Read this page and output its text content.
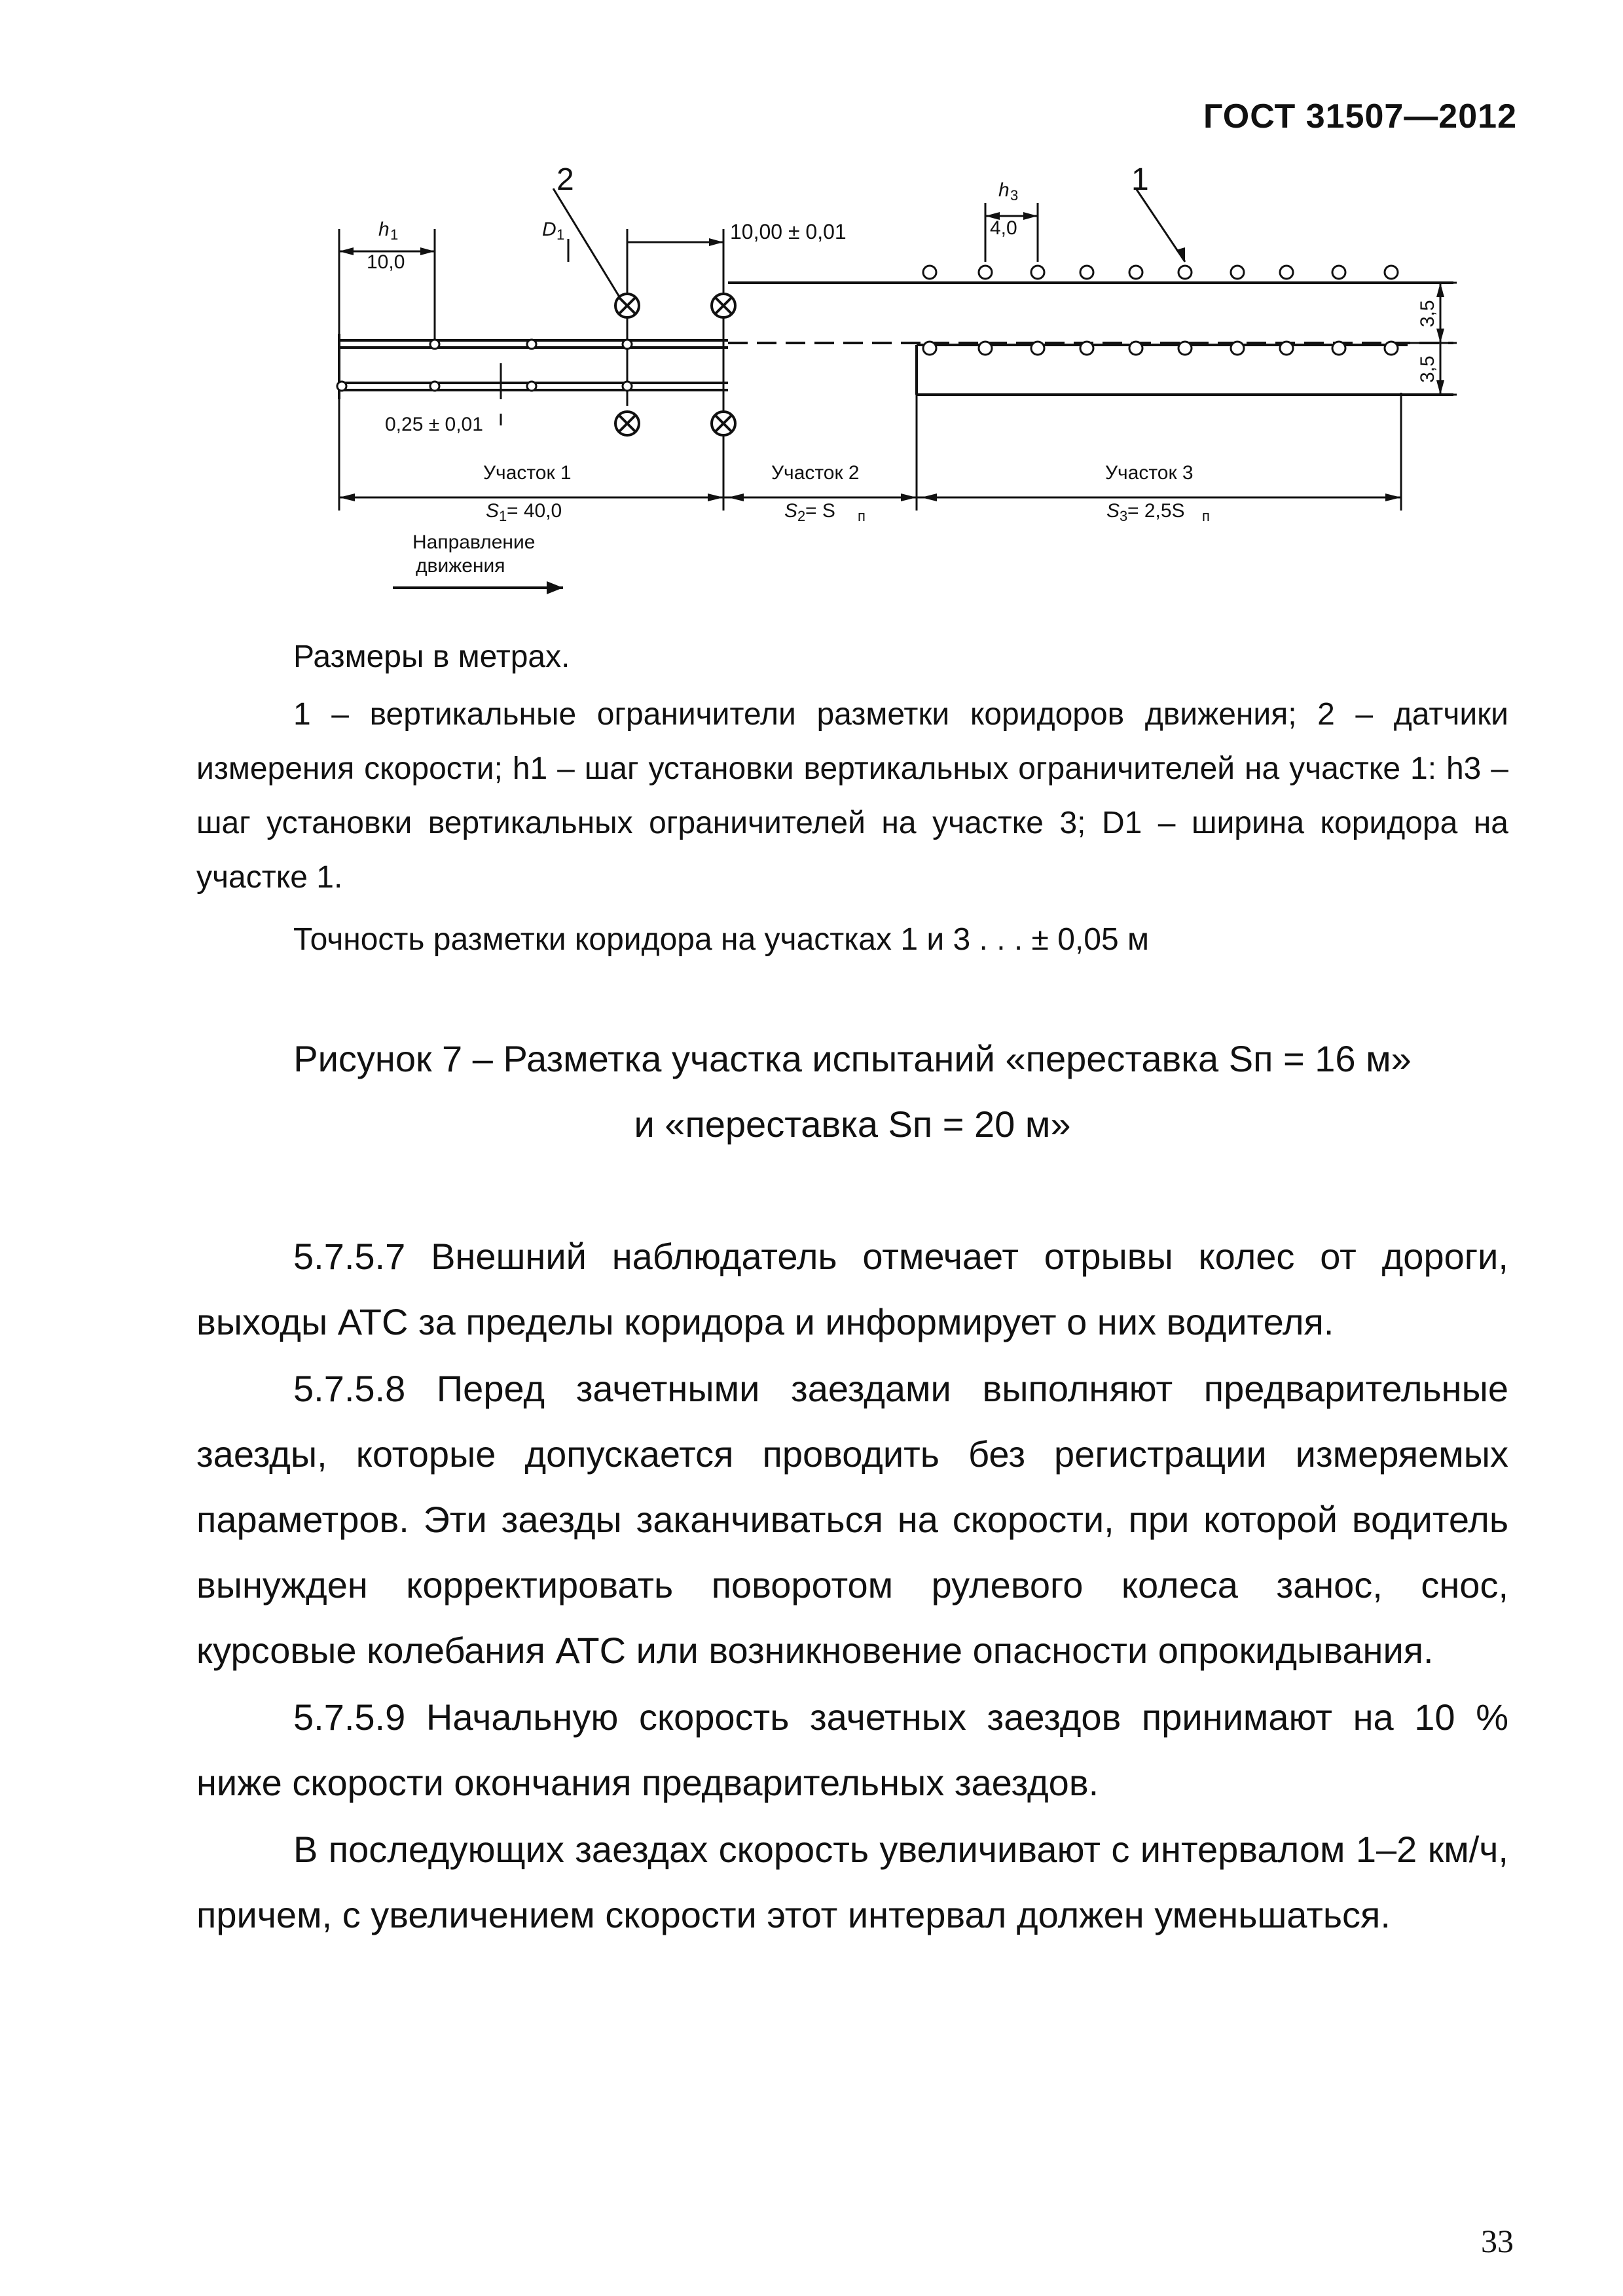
ГОСТ 31507—2012
2	1
h 1
10,0
D 1	10,00 ± 0,01
h 3
4,0
3,5
3,5
0,25 ± 0,01
Участок 1
S 1 = 40,0
Участок 2
S 2 = S п
Участок 3
S 3 = 2,5S п
Направление
движения
Размеры в метрах.

1 – вертикальные ограничители разметки коридоров движения; 2 – датчики измерения скорости; h1 – шаг установки вертикальных ограничителей на участке 1: h3 – шаг установки вертикальных ограничителей на участке 3; D1 – ширина коридора на участке 1.

Точность разметки коридора на участках 1 и 3 . . . ± 0,05 м
Рисунок 7 – Разметка участка испытаний «переставка Sп = 16 м»
и «переставка Sп = 20 м»

5.7.5.7 Внешний наблюдатель отмечает отрывы колес от дороги, выходы АТС за пределы коридора и информирует о них водителя.

5.7.5.8 Перед зачетными заездами выполняют предварительные заезды, которые допускается проводить без регистрации измеряемых параметров. Эти заезды заканчиваться на скорости, при которой водитель вынужден корректировать поворотом рулевого колеса занос, снос, курсовые колебания АТС или возникновение опасности опрокидывания.

5.7.5.9 Начальную скорость зачетных заездов принимают на 10 % ниже скорости окончания предварительных заездов.

В последующих заездах скорость увеличивают с интервалом 1–2 км/ч, причем, с увеличением скорости этот интервал должен уменьшаться.

33
